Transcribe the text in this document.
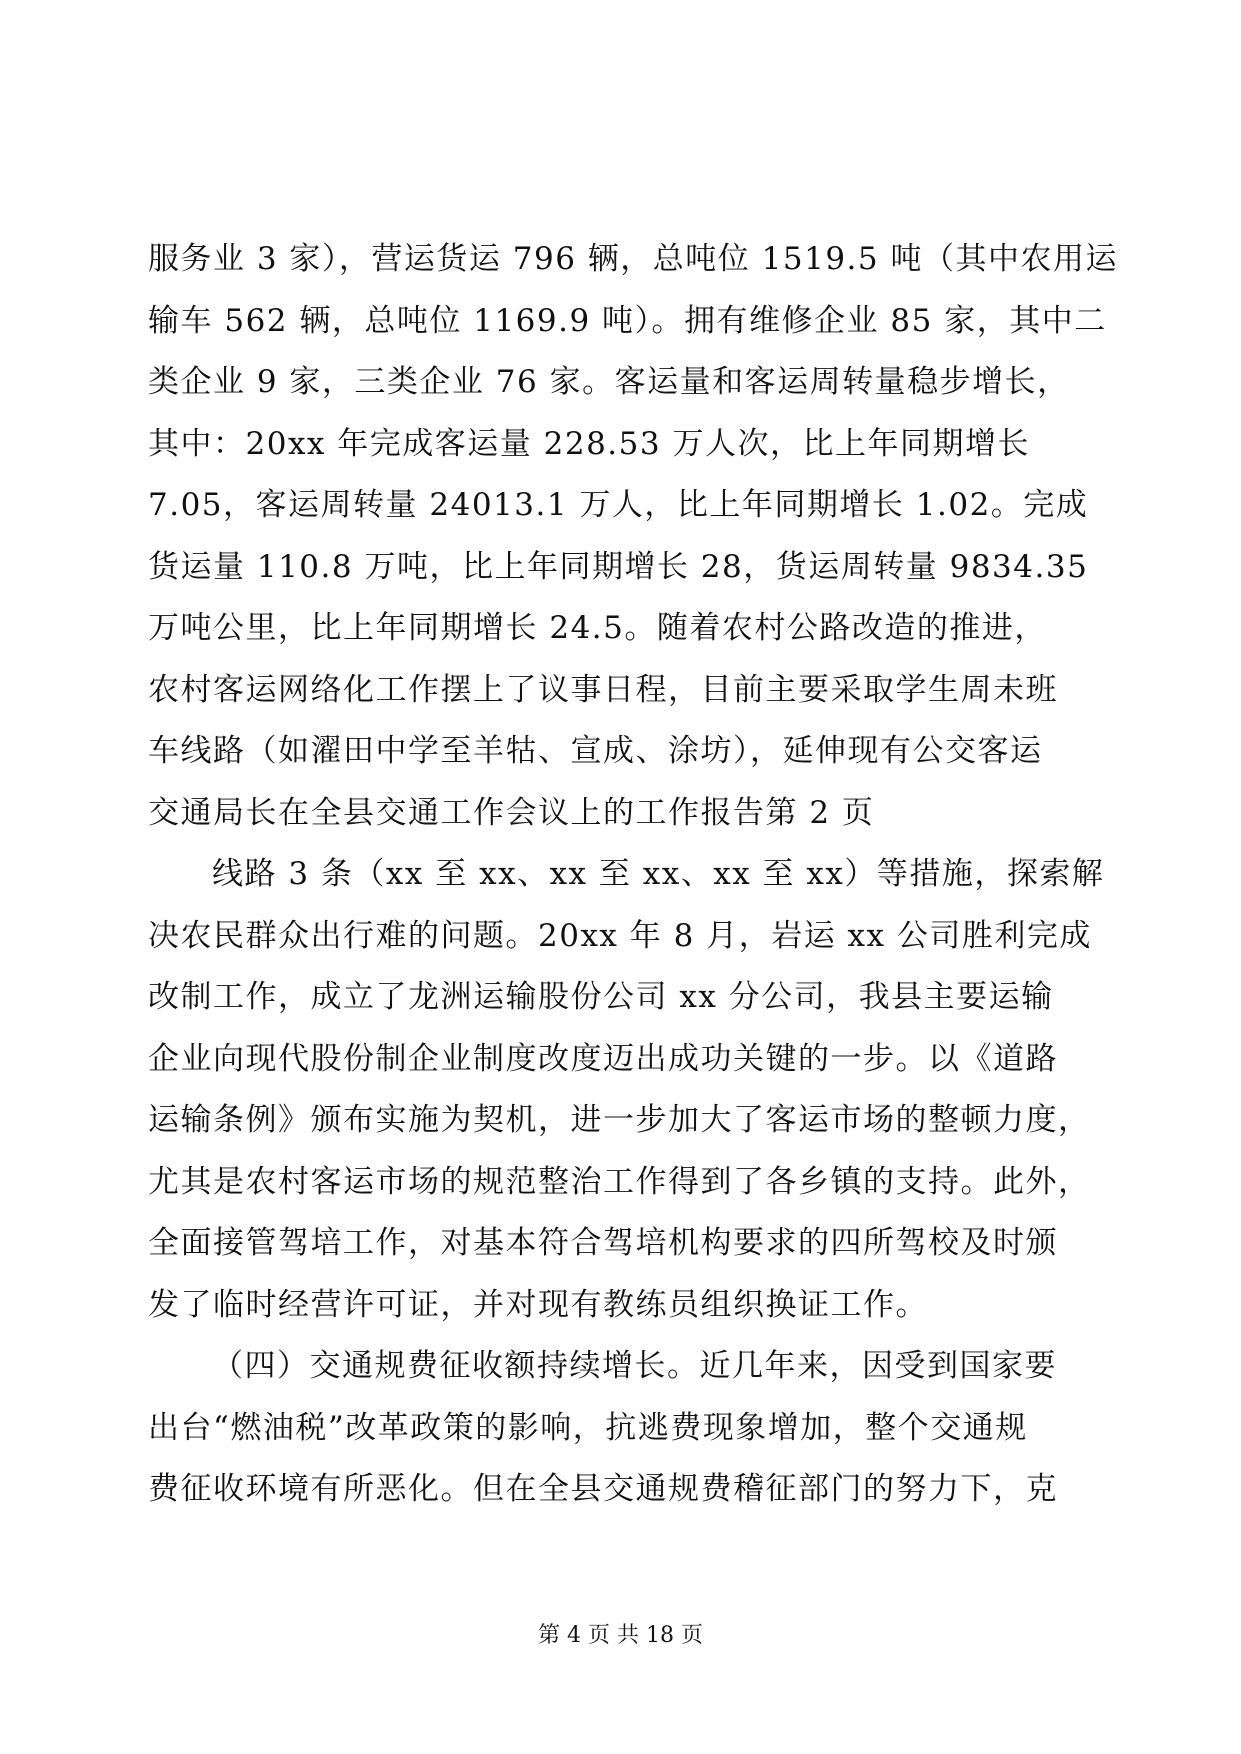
服务业 3 家），营运货运 796 辆，总吨位 1519.5 吨（其中农用运
输车 562 辆，总吨位 1169.9 吨）。拥有维修企业 85 家，其中二
类企业 9 家，三类企业 76 家。客运量和客运周转量稳步增长，
其中：20xx 年完成客运量 228.53 万人次，比上年同期增长
7.05，客运周转量 24013.1 万人，比上年同期增长 1.02。完成
货运量 110.8 万吨，比上年同期增长 28，货运周转量 9834.35
万吨公里，比上年同期增长 24.5。随着农村公路改造的推进，
农村客运网络化工作摆上了议事日程，目前主要采取学生周未班
车线路（如濯田中学至羊牯、宣成、涂坊），延伸现有公交客运
交通局长在全县交通工作会议上的工作报告第 2 页
线路 3 条（xx 至 xx、xx 至 xx、xx 至 xx）等措施，探索解
决农民群众出行难的问题。20xx 年 8 月，岩运 xx 公司胜利完成
改制工作，成立了龙洲运输股份公司 xx 分公司，我县主要运输
企业向现代股份制企业制度改度迈出成功关键的一步。以《道路
运输条例》颁布实施为契机，进一步加大了客运市场的整顿力度，
尤其是农村客运市场的规范整治工作得到了各乡镇的支持。此外，
全面接管驾培工作，对基本符合驾培机构要求的四所驾校及时颁
发了临时经营许可证，并对现有教练员组织换证工作。
（四）交通规费征收额持续增长。近几年来，因受到国家要
出台“燃油税”改革政策的影响，抗逃费现象增加，整个交通规
费征收环境有所恶化。但在全县交通规费稽征部门的努力下，克
第 4 页 共 18 页
